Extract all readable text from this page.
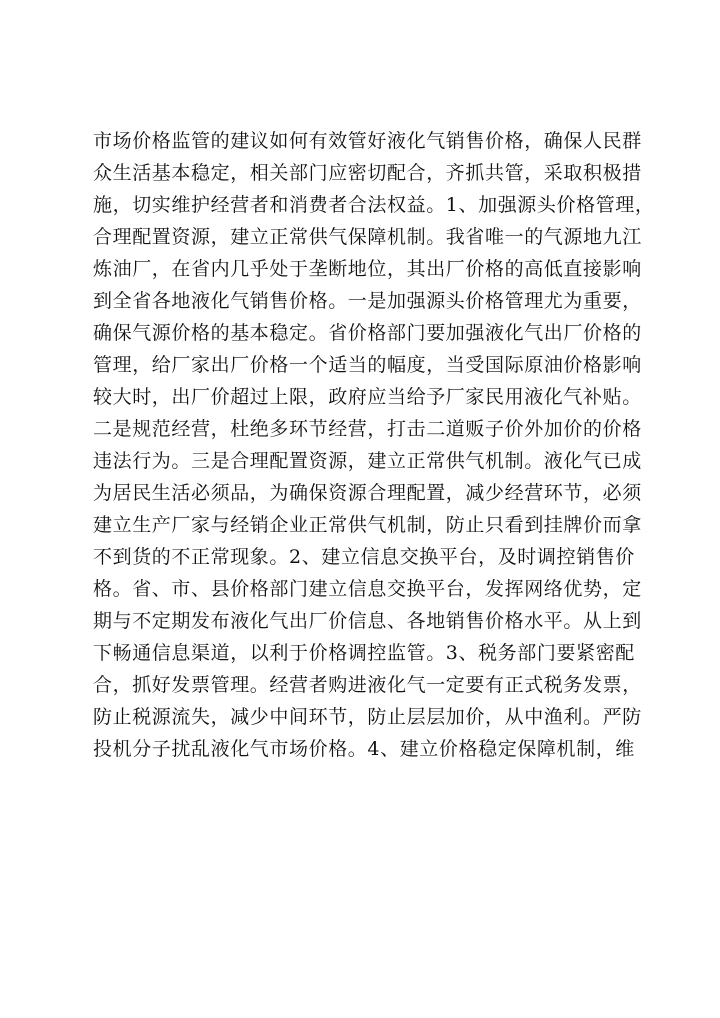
市场价格监管的建议如何有效管好液化气销售价格，确保人民群
众生活基本稳定，相关部门应密切配合，齐抓共管，采取积极措
施，切实维护经营者和消费者合法权益。1、加强源头价格管理，
合理配置资源，建立正常供气保障机制。我省唯一的气源地九江
炼油厂，在省内几乎处于垄断地位，其出厂价格的高低直接影响
到全省各地液化气销售价格。一是加强源头价格管理尤为重要，
确保气源价格的基本稳定。省价格部门要加强液化气出厂价格的
管理，给厂家出厂价格一个适当的幅度，当受国际原油价格影响
较大时，出厂价超过上限，政府应当给予厂家民用液化气补贴。
二是规范经营，杜绝多环节经营，打击二道贩子价外加价的价格
违法行为。三是合理配置资源，建立正常供气机制。液化气已成
为居民生活必须品，为确保资源合理配置，减少经营环节，必须
建立生产厂家与经销企业正常供气机制，防止只看到挂牌价而拿
不到货的不正常现象。2、建立信息交换平台，及时调控销售价
格。省、市、县价格部门建立信息交换平台，发挥网络优势，定
期与不定期发布液化气出厂价信息、各地销售价格水平。从上到
下畅通信息渠道，以利于价格调控监管。3、税务部门要紧密配
合，抓好发票管理。经营者购进液化气一定要有正式税务发票，
防止税源流失，减少中间环节，防止层层加价，从中渔利。严防
投机分子扰乱液化气市场价格。4、建立价格稳定保障机制，维
